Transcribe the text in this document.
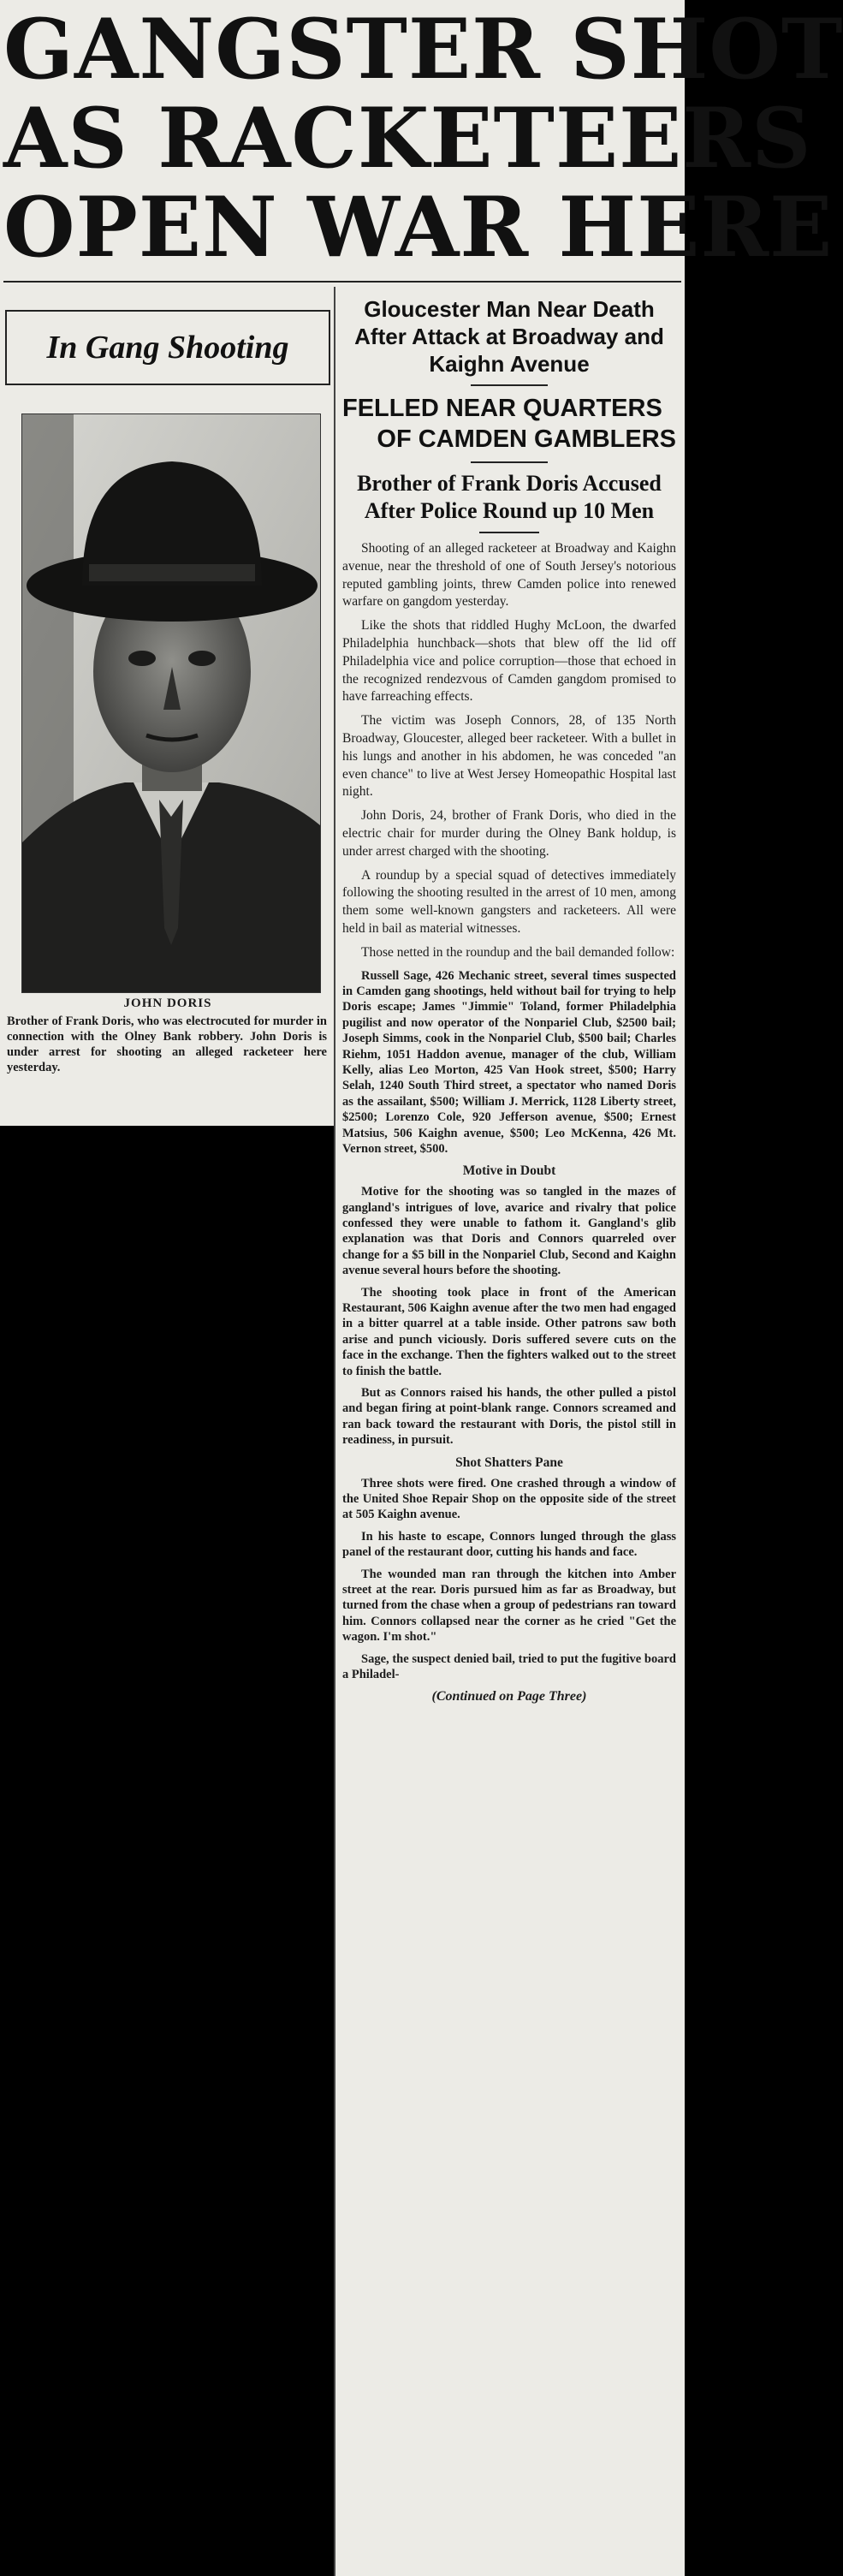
GANGSTER SHOT
AS RACKETEERS
OPEN WAR HERE
In Gang Shooting
JOHN DORIS
Brother of Frank Doris, who was electrocuted for murder in connection with the Olney Bank robbery. John Doris is under arrest for shooting an alleged racketeer here yesterday.
Gloucester Man Near Death After Attack at Broadway and Kaighn Avenue
FELLED NEAR QUARTERS
OF CAMDEN GAMBLERS
Brother of Frank Doris Accused After Police Round up 10 Men

Shooting of an alleged racketeer at Broadway and Kaighn avenue, near the threshold of one of South Jersey's notorious reputed gambling joints, threw Camden police into renewed warfare on gangdom yesterday.

Like the shots that riddled Hughy McLoon, the dwarfed Philadelphia hunchback—shots that blew off the lid off Philadelphia vice and police corruption—those that echoed in the recognized rendezvous of Camden gangdom promised to have farreaching effects.

The victim was Joseph Connors, 28, of 135 North Broadway, Gloucester, alleged beer racketeer. With a bullet in his lungs and another in his abdomen, he was conceded "an even chance" to live at West Jersey Homeopathic Hospital last night.

John Doris, 24, brother of Frank Doris, who died in the electric chair for murder during the Olney Bank holdup, is under arrest charged with the shooting.

A roundup by a special squad of detectives immediately following the shooting resulted in the arrest of 10 men, among them some well-known gangsters and racketeers. All were held in bail as material witnesses.

Those netted in the roundup and the bail demanded follow:

Russell Sage, 426 Mechanic street, several times suspected in Camden gang shootings, held without bail for trying to help Doris escape; James "Jimmie" Toland, former Philadelphia pugilist and now operator of the Nonpariel Club, $2500 bail; Joseph Simms, cook in the Nonpariel Club, $500 bail; Charles Riehm, 1051 Haddon avenue, manager of the club, William Kelly, alias Leo Morton, 425 Van Hook street, $500; Harry Selah, 1240 South Third street, a spectator who named Doris as the assailant, $500; William J. Merrick, 1128 Liberty street, $2500; Lorenzo Cole, 920 Jefferson avenue, $500; Ernest Matsius, 506 Kaighn avenue, $500; Leo McKenna, 426 Mt. Vernon street, $500.

Motive in Doubt

Motive for the shooting was so tangled in the mazes of gangland's intrigues of love, avarice and rivalry that police confessed they were unable to fathom it. Gangland's glib explanation was that Doris and Connors quarreled over change for a $5 bill in the Nonpariel Club, Second and Kaighn avenue several hours before the shooting.

The shooting took place in front of the American Restaurant, 506 Kaighn avenue after the two men had engaged in a bitter quarrel at a table inside. Other patrons saw both arise and punch viciously. Doris suffered severe cuts on the face in the exchange. Then the fighters walked out to the street to finish the battle.

But as Connors raised his hands, the other pulled a pistol and began firing at point-blank range. Connors screamed and ran back toward the restaurant with Doris, the pistol still in readiness, in pursuit.

Shot Shatters Pane

Three shots were fired. One crashed through a window of the United Shoe Repair Shop on the opposite side of the street at 505 Kaighn avenue.

In his haste to escape, Connors lunged through the glass panel of the restaurant door, cutting his hands and face.

The wounded man ran through the kitchen into Amber street at the rear. Doris pursued him as far as Broadway, but turned from the chase when a group of pedestrians ran toward him. Connors collapsed near the corner as he cried "Get the wagon. I'm shot."

Sage, the suspect denied bail, tried to put the fugitive board a Philadel-

(Continued on Page Three)
